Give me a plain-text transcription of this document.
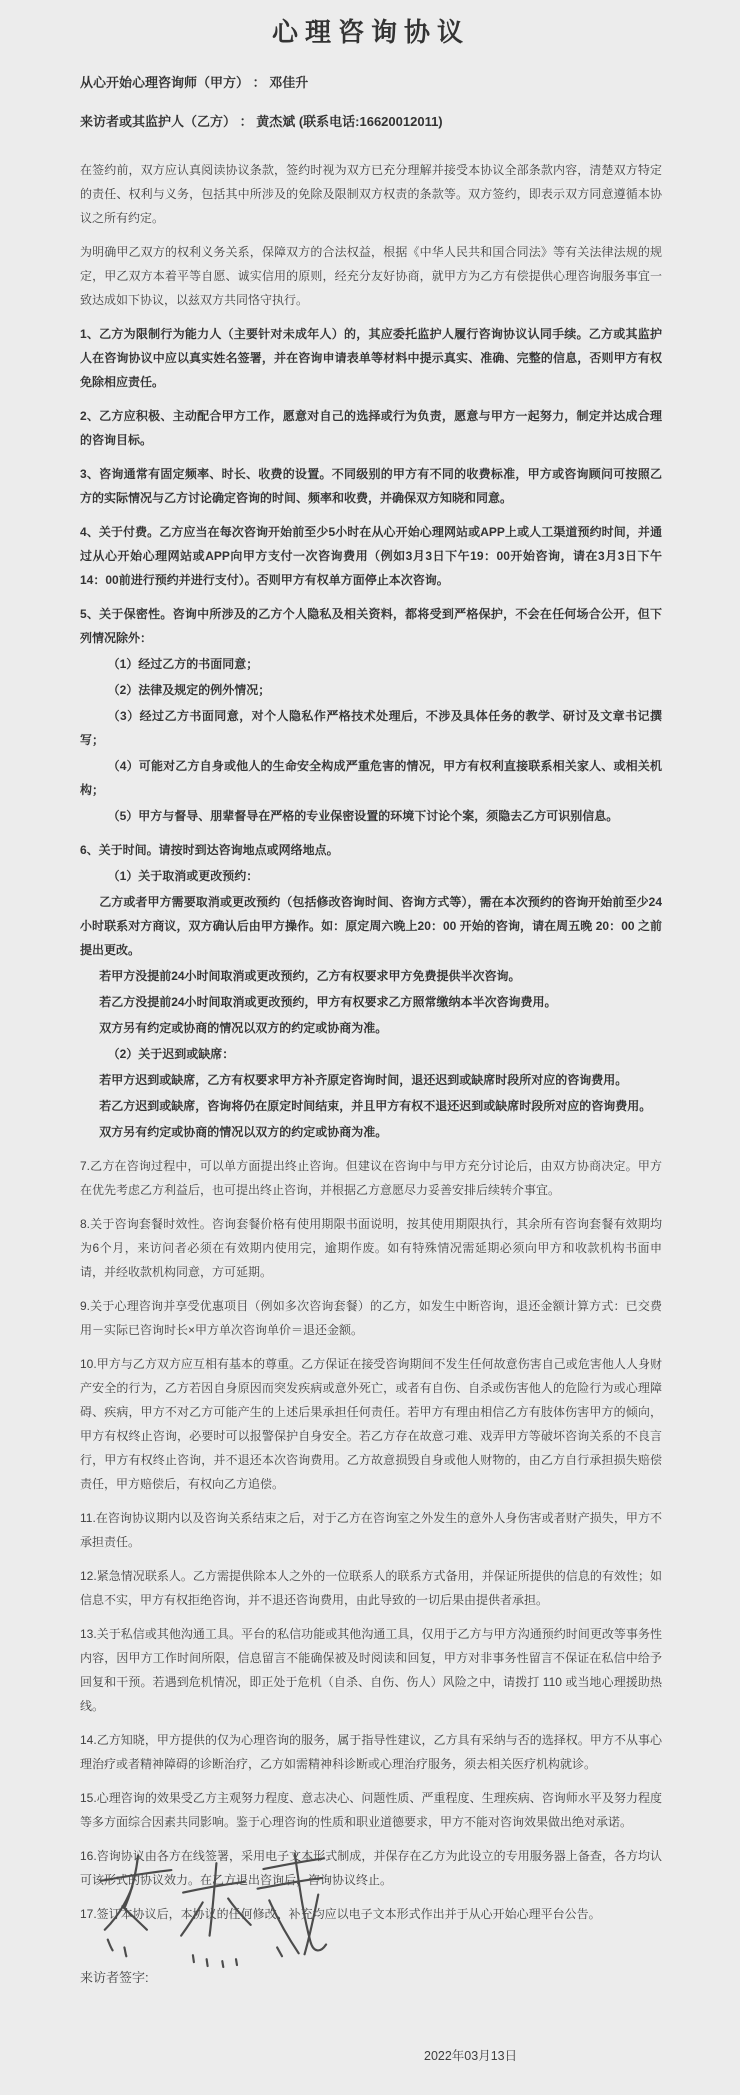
心理咨询协议
从心开始心理咨询师（甲方） ： 邓佳升
来访者或其监护人（乙方） ： 黄杰斌 (联系电话:16620012011)

在签约前，双方应认真阅读协议条款，签约时视为双方已充分理解并接受本协议全部条款内容，清楚双方特定的责任、权利与义务，包括其中所涉及的免除及限制双方权责的条款等。双方签约，即表示双方同意遵循本协议之所有约定。

为明确甲乙双方的权利义务关系，保障双方的合法权益，根据《中华人民共和国合同法》等有关法律法规的规定，甲乙双方本着平等自愿、诚实信用的原则，经充分友好协商，就甲方为乙方有偿提供心理咨询服务事宜一致达成如下协议，以兹双方共同恪守执行。

1、乙方为限制行为能力人（主要针对未成年人）的，其应委托监护人履行咨询协议认同手续。乙方或其监护人在咨询协议中应以真实姓名签署，并在咨询申请表单等材料中提示真实、准确、完整的信息，否则甲方有权免除相应责任。

2、乙方应积极、主动配合甲方工作，愿意对自己的选择或行为负责，愿意与甲方一起努力，制定并达成合理的咨询目标。

3、咨询通常有固定频率、时长、收费的设置。不同级别的甲方有不同的收费标准，甲方或咨询顾问可按照乙方的实际情况与乙方讨论确定咨询的时间、频率和收费，并确保双方知晓和同意。

4、关于付费。乙方应当在每次咨询开始前至少5小时在从心开始心理网站或APP上或人工渠道预约时间，并通过从心开始心理网站或APP向甲方支付一次咨询费用（例如3月3日下午19：00开始咨询，请在3月3日下午14：00前进行预约并进行支付）。否则甲方有权单方面停止本次咨询。

5、关于保密性。咨询中所涉及的乙方个人隐私及相关资料，都将受到严格保护，不会在任何场合公开，但下列情况除外：

（1）经过乙方的书面同意；

（2）法律及规定的例外情况；

（3）经过乙方书面同意，对个人隐私作严格技术处理后，不涉及具体任务的教学、研讨及文章书记撰写；

（4）可能对乙方自身或他人的生命安全构成严重危害的情况，甲方有权利直接联系相关家人、或相关机构；

（5）甲方与督导、朋辈督导在严格的专业保密设置的环境下讨论个案，须隐去乙方可识别信息。

6、关于时间。请按时到达咨询地点或网络地点。

（1）关于取消或更改预约：

乙方或者甲方需要取消或更改预约（包括修改咨询时间、咨询方式等），需在本次预约的咨询开始前至少24小时联系对方商议，双方确认后由甲方操作。如：原定周六晚上20：00 开始的咨询，请在周五晚 20：00 之前提出更改。

若甲方没提前24小时间取消或更改预约，乙方有权要求甲方免费提供半次咨询。

若乙方没提前24小时间取消或更改预约，甲方有权要求乙方照常缴纳本半次咨询费用。

双方另有约定或协商的情况以双方的约定或协商为准。

（2）关于迟到或缺席：

若甲方迟到或缺席，乙方有权要求甲方补齐原定咨询时间，退还迟到或缺席时段所对应的咨询费用。

若乙方迟到或缺席，咨询将仍在原定时间结束，并且甲方有权不退还迟到或缺席时段所对应的咨询费用。

双方另有约定或协商的情况以双方的约定或协商为准。

7.乙方在咨询过程中，可以单方面提出终止咨询。但建议在咨询中与甲方充分讨论后，由双方协商决定。甲方在优先考虑乙方利益后，也可提出终止咨询，并根据乙方意愿尽力妥善安排后续转介事宜。

8.关于咨询套餐时效性。咨询套餐价格有使用期限书面说明，按其使用期限执行，其余所有咨询套餐有效期均为6个月，来访问者必须在有效期内使用完，逾期作废。如有特殊情况需延期必须向甲方和收款机构书面申请，并经收款机构同意，方可延期。

9.关于心理咨询并享受优惠项目（例如多次咨询套餐）的乙方，如发生中断咨询，退还金额计算方式：已交费用－实际已咨询时长×甲方单次咨询单价＝退还金额。

10.甲方与乙方双方应互相有基本的尊重。乙方保证在接受咨询期间不发生任何故意伤害自己或危害他人人身财产安全的行为，乙方若因自身原因而突发疾病或意外死亡，或者有自伤、自杀或伤害他人的危险行为或心理障碍、疾病，甲方不对乙方可能产生的上述后果承担任何责任。若甲方有理由相信乙方有肢体伤害甲方的倾向，甲方有权终止咨询，必要时可以报警保护自身安全。若乙方存在故意刁难、戏弄甲方等破坏咨询关系的不良言行，甲方有权终止咨询，并不退还本次咨询费用。乙方故意损毁自身或他人财物的，由乙方自行承担损失赔偿责任，甲方赔偿后，有权向乙方追偿。

11.在咨询协议期内以及咨询关系结束之后，对于乙方在咨询室之外发生的意外人身伤害或者财产损失，甲方不承担责任。

12.紧急情况联系人。乙方需提供除本人之外的一位联系人的联系方式备用，并保证所提供的信息的有效性；如信息不实，甲方有权拒绝咨询，并不退还咨询费用，由此导致的一切后果由提供者承担。

13.关于私信或其他沟通工具。平台的私信功能或其他沟通工具，仅用于乙方与甲方沟通预约时间更改等事务性内容，因甲方工作时间所限，信息留言不能确保被及时阅读和回复，甲方对非事务性留言不保证在私信中给予回复和干预。若遇到危机情况，即正处于危机（自杀、自伤、伤人）风险之中，请拨打 110 或当地心理援助热线。

14.乙方知晓，甲方提供的仅为心理咨询的服务，属于指导性建议，乙方具有采纳与否的选择权。甲方不从事心理治疗或者精神障碍的诊断治疗，乙方如需精神科诊断或心理治疗服务，须去相关医疗机构就诊。

15.心理咨询的效果受乙方主观努力程度、意志决心、问题性质、严重程度、生理疾病、咨询师水平及努力程度等多方面综合因素共同影响。鉴于心理咨询的性质和职业道德要求，甲方不能对咨询效果做出绝对承诺。

16.咨询协议由各方在线签署，采用电子文本形式制成，并保存在乙方为此设立的专用服务器上备查，各方均认可该形式的协议效力。在乙方退出咨询后，咨询协议终止。

17.签订本协议后，本协议的任何修改、补充均应以电子文本形式作出并于从心开始心理平台公告。

来访者签字:
2022年03月13日
